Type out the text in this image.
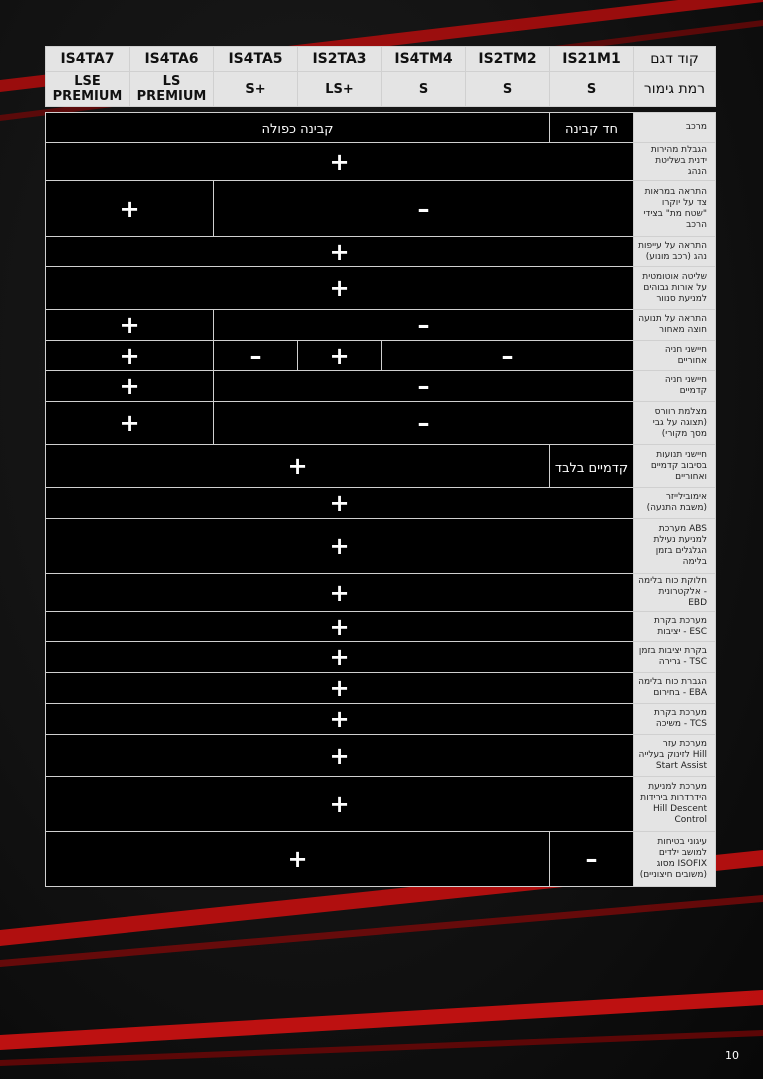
IS4TA7	IS4TA6	IS4TA5	IS2TA3	IS4TM4	IS2TM2	IS21M1	קוד דגם
LSE PREMIUM	LS PREMIUM	S+	LS+	S	S	S	רמת גימור

קבינה כפולה						חד קבינה	מרכב
+							הגבלת מהירות ידנית בשליטת הנהג
+		–					התראה במראות צד על יוקרו "שטח מת" בצידי הרכב
+							התראה על עייפות נהג (רכב מונוע)
+							שליטה אוטומטית על אורות גבוהים למניעת סנוור
+		–					התראה על תנועה חוצה מאחור
+		–	+	–			חיישני חניה אחוריים
+		–					חיישני חניה קדמיים
+		–					מצלמת רוורס (תצוגה על גבי מסך מקורי)
+						קדמיים בלבד	חיישני תנועות בסיבוב קדמיים ואחוריים
+							אימובילייזר (משבת התנעה)
+							מערכת ABS למניעת נעילת הגלגלים בזמן בלימה
+							חלוקת כוח בלימה אלקטרונית - EBD
+							מערכת בקרת יציבות - ESC
+							בקרת יציבות בזמן גרירה - TSC
+							הגברת כוח בלימה בחירום - EBA
+							מערכת בקרת משיכה - TCS
+							מערכת עזר לזינוק בעלייה Hill Start Assist
+							מערכת למניעת הידרדרות בירידות Hill Descent Control
+						–	עיגוני בטיחות למושב ילדים מסוג ISOFIX (משובים חיצוניים)
10
